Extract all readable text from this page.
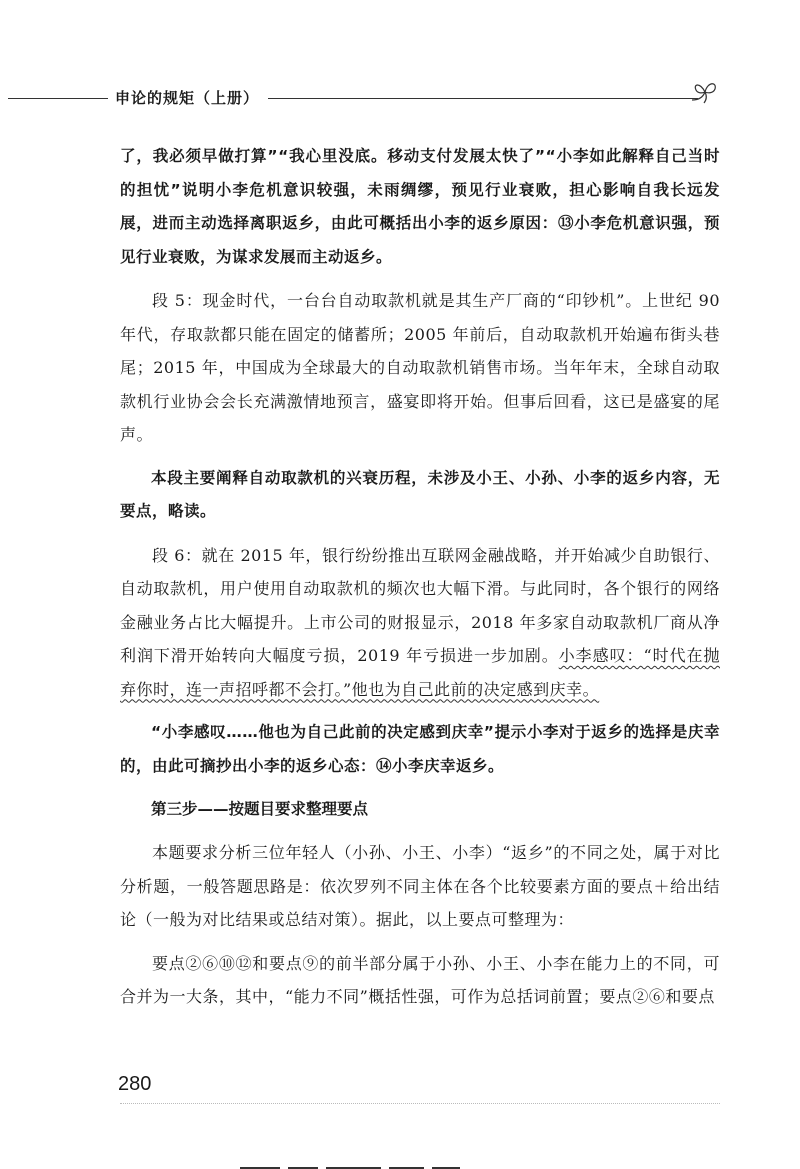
申论的规矩（上册）

了，我必须早做打算”“我心里没底。移动支付发展太快了”“小李如此解释自己当时的担忧”说明小李危机意识较强，未雨绸缪，预见行业衰败，担心影响自我长远发展，进而主动选择离职返乡，由此可概括出小李的返乡原因：⑬小李危机意识强，预见行业衰败，为谋求发展而主动返乡。

段 5：现金时代，一台台自动取款机就是其生产厂商的“印钞机”。上世纪 90 年代，存取款都只能在固定的储蓄所；2005 年前后，自动取款机开始遍布街头巷尾；2015 年，中国成为全球最大的自动取款机销售市场。当年年末，全球自动取款机行业协会会长充满激情地预言，盛宴即将开始。但事后回看，这已是盛宴的尾声。

本段主要阐释自动取款机的兴衰历程，未涉及小王、小孙、小李的返乡内容，无要点，略读。

段 6：就在 2015 年，银行纷纷推出互联网金融战略，并开始减少自助银行、自动取款机，用户使用自动取款机的频次也大幅下滑。与此同时，各个银行的网络金融业务占比大幅提升。上市公司的财报显示，2018 年多家自动取款机厂商从净利润下滑开始转向大幅度亏损，2019 年亏损进一步加剧。小李感叹：“时代在抛弃你时，连一声招呼都不会打。”他也为自己此前的决定感到庆幸。

“小李感叹……他也为自己此前的决定感到庆幸”提示小李对于返乡的选择是庆幸的，由此可摘抄出小李的返乡心态：⑭小李庆幸返乡。

第三步——按题目要求整理要点

本题要求分析三位年轻人（小孙、小王、小李）“返乡”的不同之处，属于对比分析题，一般答题思路是：依次罗列不同主体在各个比较要素方面的要点＋给出结论（一般为对比结果或总结对策）。据此，以上要点可整理为：

要点②⑥⑩⑫和要点⑨的前半部分属于小孙、小王、小李在能力上的不同，可合并为一大条，其中，“能力不同”概括性强，可作为总括词前置；要点②⑥和要点

280
